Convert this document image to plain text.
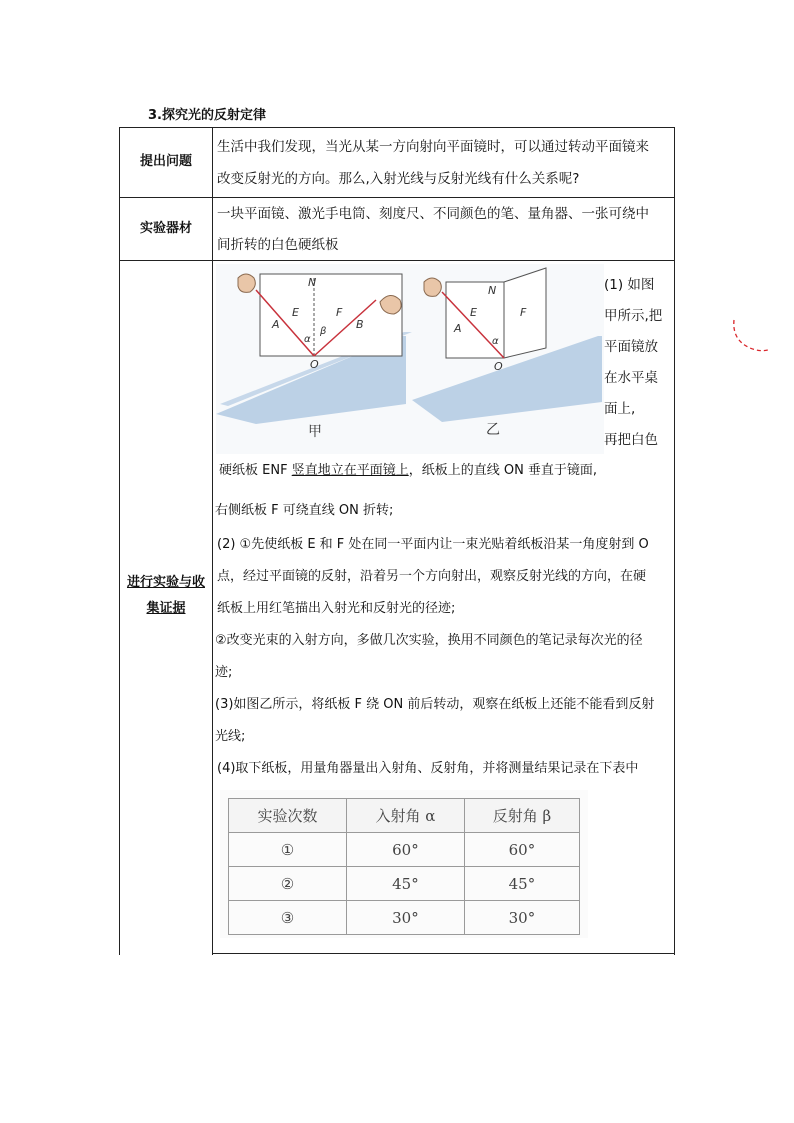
3.探究光的反射定律
提出问题
生活中我们发现，当光从某一方向射向平面镜时，可以通过转动平面镜来
改变反射光的方向。那么,入射光线与反射光线有什么关系呢?
实验器材
一块平面镜、激光手电筒、刻度尺、不同颜色的笔、量角器、一张可绕中
间折转的白色硬纸板
进行实验与收
集证据
N
E	F
A	B
α
β
O
甲
N
E	F
A
α
O
乙
(1) 如图
甲所示,把
平面镜放
在水平桌
面上,
再把白色
硬纸板 ENF 竖直地立在平面镜上，纸板上的直线 ON 垂直于镜面,
右侧纸板 F 可绕直线 ON 折转;
(2) ①先使纸板 E 和 F 处在同一平面内让一束光贴着纸板沿某一角度射到 O
点，经过平面镜的反射，沿着另一个方向射出，观察反射光线的方向，在硬
纸板上用红笔描出入射光和反射光的径迹;
②改变光束的入射方向，多做几次实验，换用不同颜色的笔记录每次光的径
迹;
(3)如图乙所示，将纸板 F 绕 ON 前后转动，观察在纸板上还能不能看到反射
光线;
(4)取下纸板，用量角器量出入射角、反射角，并将测量结果记录在下表中
实验次数	入射角 α	反射角 β
①	60°	60°
②	45°	45°
③	30°	30°
